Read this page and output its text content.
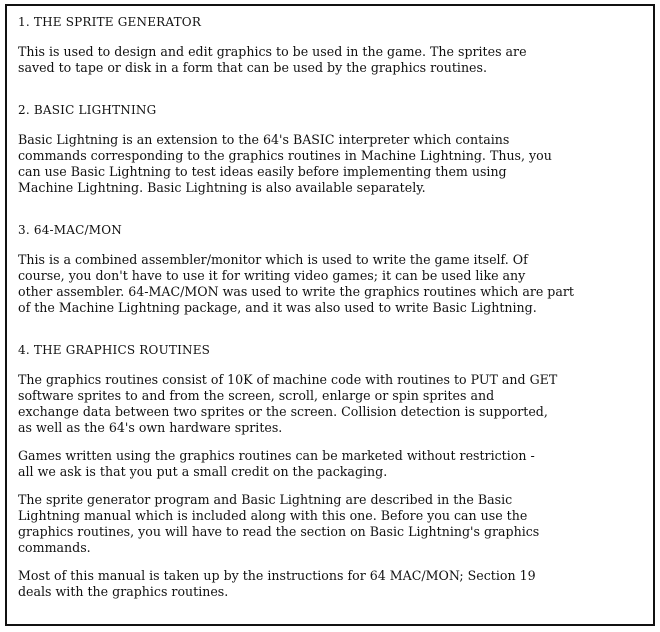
1. THE SPRITE GENERATOR

This is used to design and edit graphics to be used in the game. The sprites are
saved to tape or disk in a form that can be used by the graphics routines.

2. BASIC LIGHTNING

Basic Lightning is an extension to the 64's BASIC interpreter which contains
commands corresponding to the graphics routines in Machine Lightning. Thus, you
can use Basic Lightning to test ideas easily before implementing them using
Machine Lightning. Basic Lightning is also available separately.

3. 64-MAC/MON

This is a combined assembler/monitor which is used to write the game itself. Of
course, you don't have to use it for writing video games; it can be used like any
other assembler. 64-MAC/MON was used to write the graphics routines which are part
of the Machine Lightning package, and it was also used to write Basic Lightning.

4. THE GRAPHICS ROUTINES

The graphics routines consist of 10K of machine code with routines to PUT and GET
software sprites to and from the screen, scroll, enlarge or spin sprites and
exchange data between two sprites or the screen. Collision detection is supported,
as well as the 64's own hardware sprites.

Games written using the graphics routines can be marketed without restriction -
all we ask is that you put a small credit on the packaging.

The sprite generator program and Basic Lightning are described in the Basic
Lightning manual which is included along with this one. Before you can use the
graphics routines, you will have to read the section on Basic Lightning's graphics
commands.

Most of this manual is taken up by the instructions for 64 MAC/MON; Section 19
deals with the graphics routines.
